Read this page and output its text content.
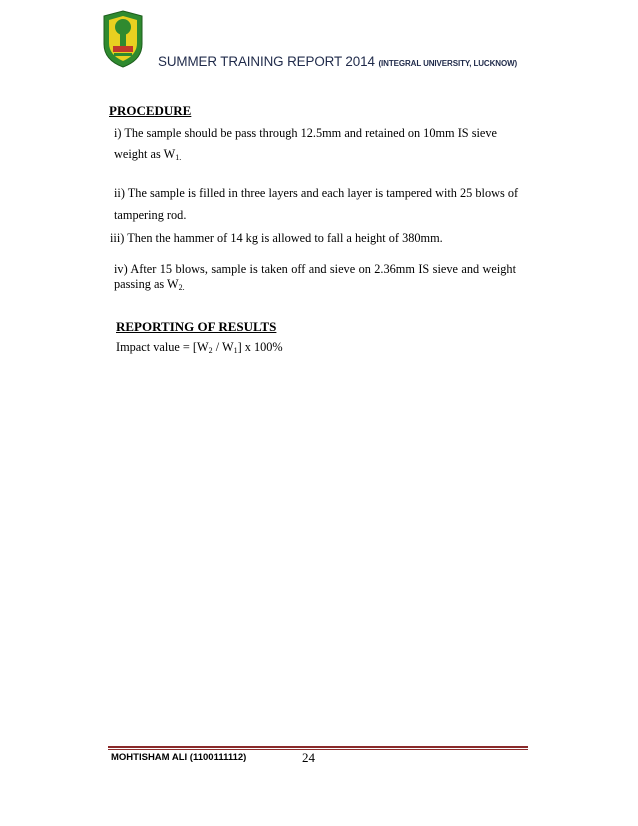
SUMMER TRAINING REPORT 2014 (INTEGRAL UNIVERSITY, LUCKNOW)
PROCEDURE
i) The sample should be pass through 12.5mm and retained on 10mm IS sieve
weight as $W_{1.}$
ii) The sample is filled in three layers and each layer is tampered with 25 blows of
tampering rod.
iii) Then the hammer of 14 kg is allowed to fall a height of 380mm.
iv) After 15 blows, sample is taken off and sieve on 2.36mm IS sieve and weight
passing as $W_{2.}$
REPORTING OF RESULTS
Impact value = $[W_2 / W_1]$ x 100%
MOHTISHAM ALI (1100111112)	24
